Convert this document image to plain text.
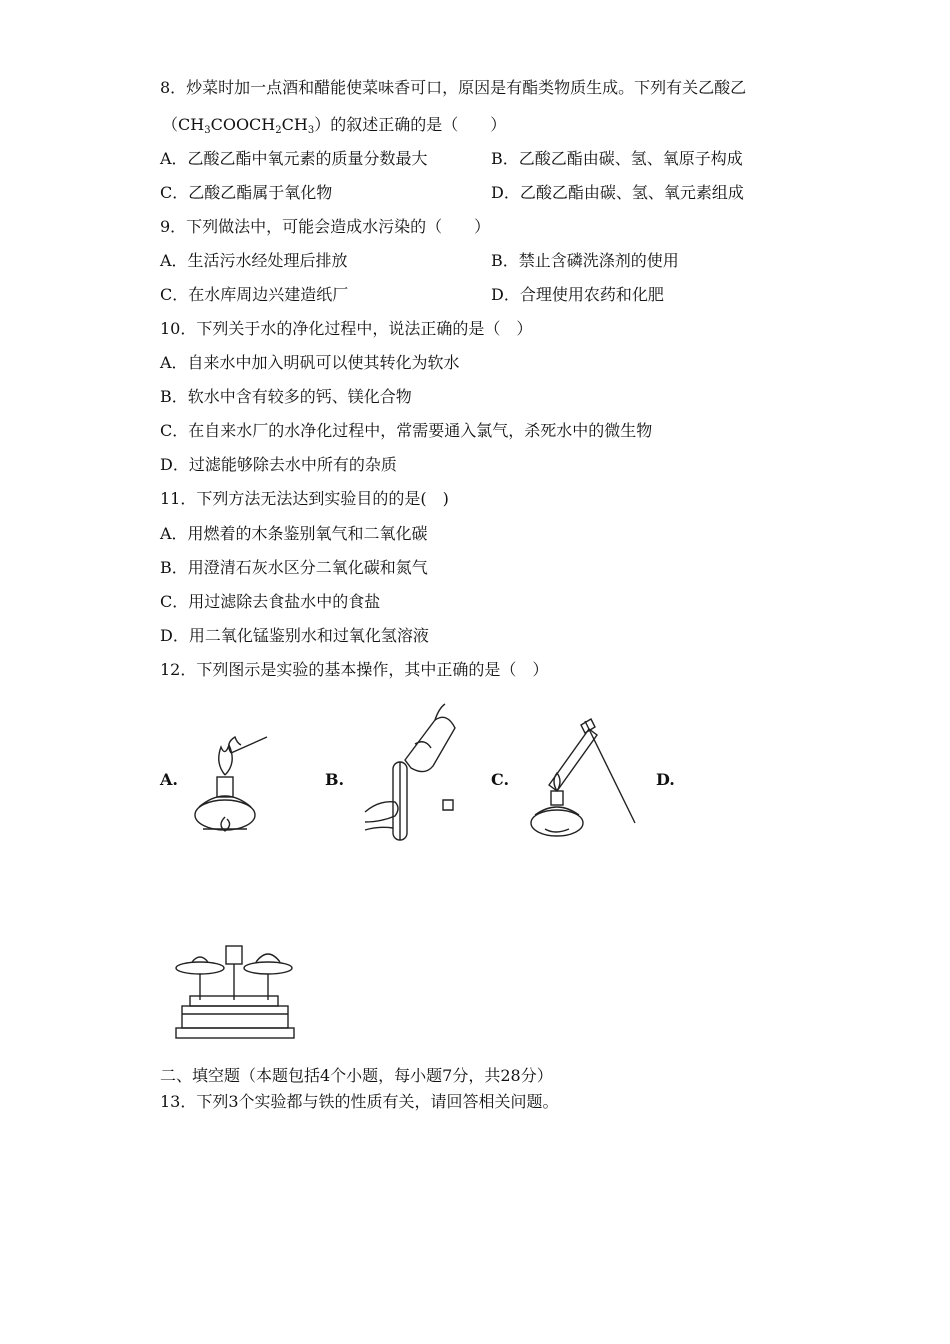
8．炒菜时加一点酒和醋能使菜味香可口，原因是有酯类物质生成。下列有关乙酸乙
$(CH_3COOCH_2CH_3)$的叙述正确的是（　　）
A．乙酸乙酯中氧元素的质量分数最大	B．乙酸乙酯由碳、氢、氧原子构成
C．乙酸乙酯属于氧化物	D．乙酸乙酯由碳、氢、氧元素组成
9．下列做法中，可能会造成水污染的（　　）
A．生活污水经处理后排放	B．禁止含磷洗涤剂的使用
C．在水库周边兴建造纸厂	D．合理使用农药和化肥
10．下列关于水的净化过程中，说法正确的是（　）
A．自来水中加入明矾可以使其转化为软水
B．软水中含有较多的钙、镁化合物
C．在自来水厂的水净化过程中，常需要通入氯气，杀死水中的微生物
D．过滤能够除去水中所有的杂质
11．下列方法无法达到实验目的的是(　)
A．用燃着的木条鉴别氧气和二氧化碳
B．用澄清石灰水区分二氧化碳和氮气
C．用过滤除去食盐水中的食盐
D．用二氧化锰鉴别水和过氧化氢溶液
12．下列图示是实验的基本操作，其中正确的是（　）
A.	B.	C.	D.
二、填空题（本题包括4个小题，每小题7分，共28分）
13．下列3个实验都与铁的性质有关，请回答相关问题。
